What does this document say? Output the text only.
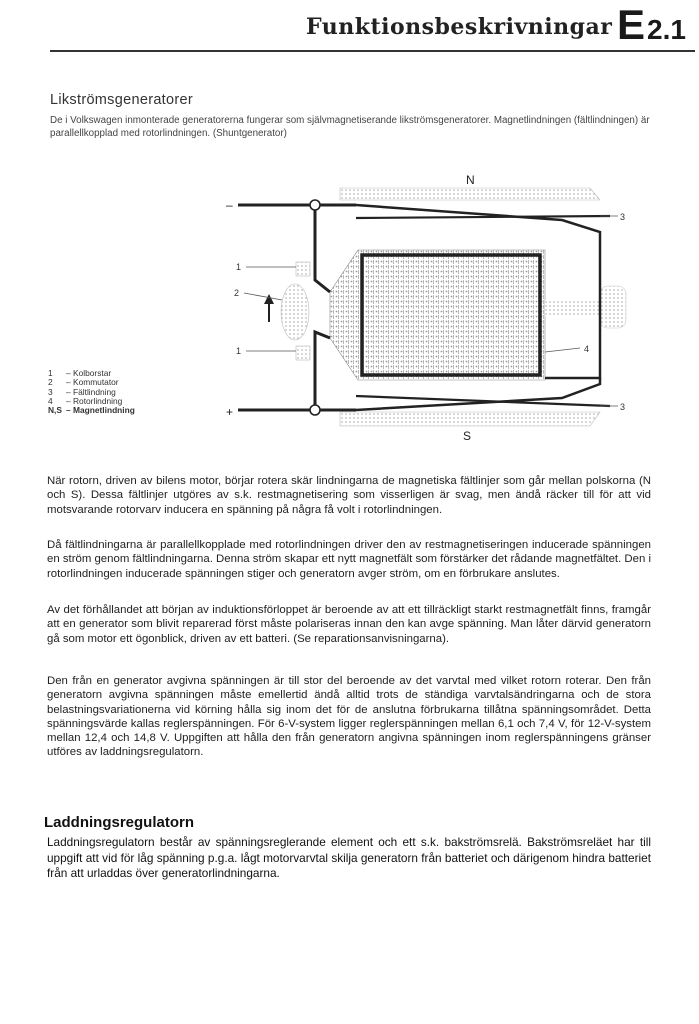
Funktionsbeskrivningar E2.1
Likströmsgeneratorer
De i Volkswagen inmonterade generatorerna fungerar som självmagnetiserande likströmsgeneratorer. Magnetlindningen (fältlindningen) är parallellkopplad med rotorlindningen. (Shuntgenerator)
N
S
–
+
1
2
1
3
4
3
1 – Kolborstar
2 – Kommutator
3 – Fältlindning
4 – Rotorlindning
N,S – Magnetlindning
När rotorn, driven av bilens motor, börjar rotera skär lindningarna de magnetiska fältlinjer som går mellan polskorna (N och S). Dessa fältlinjer utgöres av s.k. restmagnetisering som visserligen är svag, men ändå räcker till för att vid motsvarande rotorvarv inducera en spänning på några få volt i rotorlindningen.
Då fältlindningarna är parallellkopplade med rotorlindningen driver den av restmagnetiseringen inducerade spänningen en ström genom fältlindningarna. Denna ström skapar ett nytt magnetfält som förstärker det rådande magnetfältet. Den i rotorlindningen inducerade spänningen stiger och generatorn avger ström, om en förbrukare anslutes.
Av det förhållandet att början av induktionsförloppet är beroende av att ett tillräckligt starkt restmagnetfält finns, framgår att en generator som blivit reparerad först måste polariseras innan den kan avge spänning. Man låter därvid generatorn gå som motor ett ögonblick, driven av ett batteri. (Se reparationsanvisningarna).
Den från en generator avgivna spänningen är till stor del beroende av det varvtal med vilket rotorn roterar. Den från generatorn avgivna spänningen måste emellertid ändå alltid trots de ständiga varvtalsändringarna och de stora belastningsvariationerna vid körning hålla sig inom det för de anslutna förbrukarna tillåtna spänningsområdet. Detta spänningsvärde kallas reglerspänningen. För 6-V-system ligger reglerspänningen mellan 6,1 och 7,4 V, för 12-V-system mellan 12,4 och 14,8 V. Uppgiften att hålla den från generatorn angivna spänningen inom reglerspänningens gränser utföres av laddningsregulatorn.
Laddningsregulatorn
Laddningsregulatorn består av spänningsreglerande element och ett s.k. bakströmsrelä. Bakströmsreläet har till uppgift att vid för låg spänning p.g.a. lågt motorvarvtal skilja generatorn från batteriet och därigenom hindra batteriet från att urladdas över generatorlindningarna.
